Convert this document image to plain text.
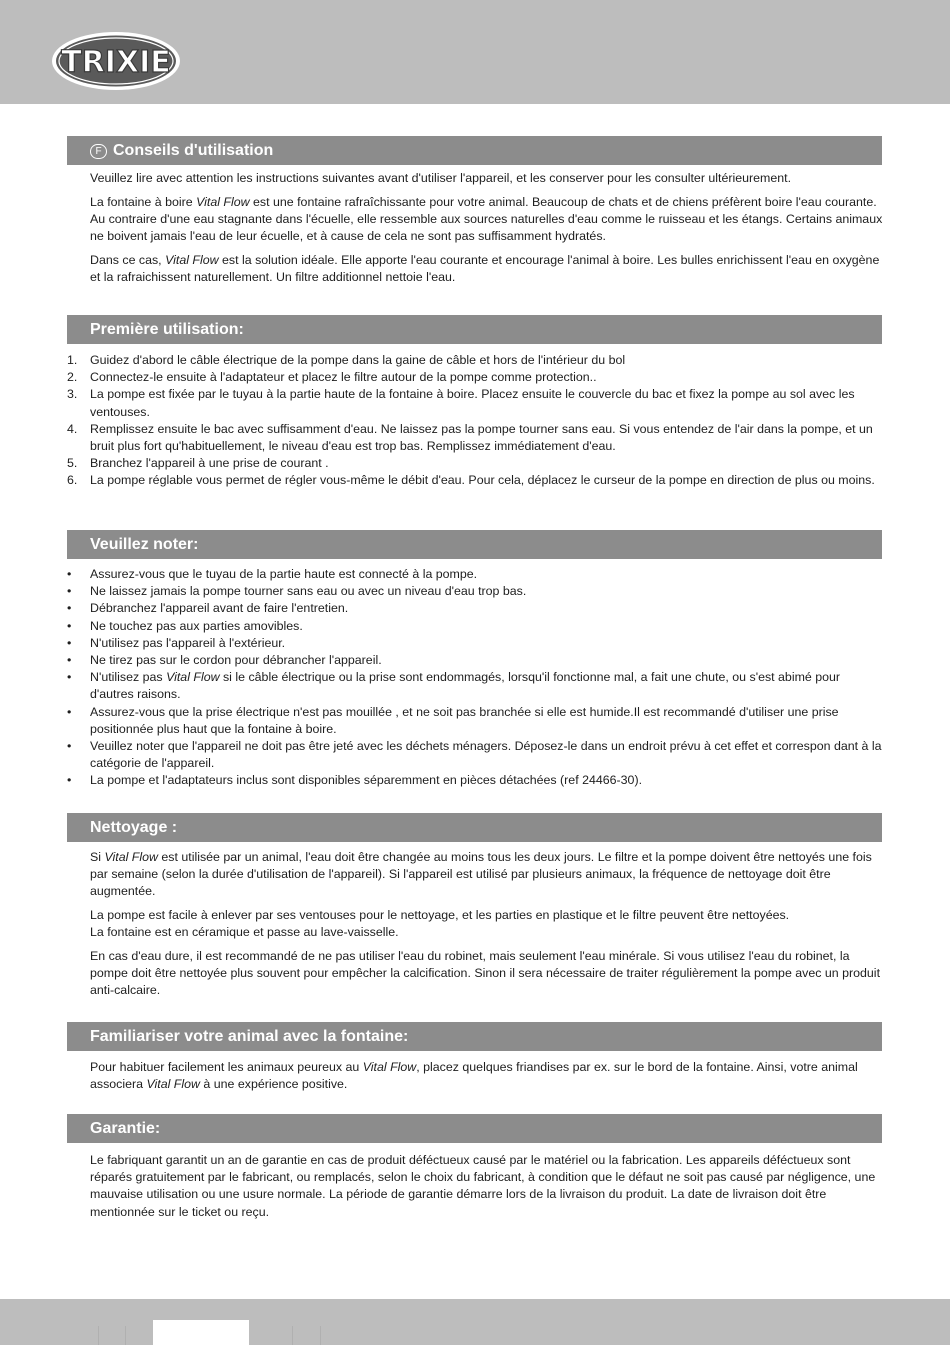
TRIXIE
F Conseils d'utilisation

Veuillez lire avec attention les instructions suivantes avant d'utiliser l'appareil, et les conserver pour les consulter ultérieurement.

La fontaine à boire Vital Flow est une fontaine rafraîchissante pour votre animal. Beaucoup de chats et de chiens préfèrent boire l'eau courante. Au contraire d'une eau stagnante dans l'écuelle, elle ressemble aux sources naturelles d'eau comme le ruisseau et les étangs. Certains animaux ne boivent jamais l'eau de leur écuelle, et à cause de cela ne sont pas suffisamment hydratés.

Dans ce cas, Vital Flow est la solution idéale. Elle apporte l'eau courante et encourage l'animal à boire. Les bulles enrichissent l'eau en oxygène et la rafraichissent naturellement. Un filtre additionnel nettoie l'eau.

Première utilisation:
1. Guidez d'abord le câble électrique de la pompe dans la gaine de câble et hors de l'intérieur du bol
2. Connectez-le ensuite à l'adaptateur et placez le filtre autour de la pompe comme protection..
3. La pompe est fixée par le tuyau à la partie haute de la fontaine à boire. Placez ensuite le couvercle du bac et fixez la pompe au sol avec les ventouses.
4. Remplissez ensuite le bac avec suffisamment d'eau. Ne laissez pas la pompe tourner sans eau. Si vous entendez de l'air dans la pompe, et un bruit plus fort qu'habituellement, le niveau d'eau est trop bas. Remplissez immédiatement d'eau.
5. Branchez l'appareil à une prise de courant .
6. La pompe réglable vous permet de régler vous-même le débit d'eau. Pour cela, déplacez le curseur de la pompe en direction de plus ou moins.
Veuillez noter:
• Assurez-vous que le tuyau de la partie haute est connecté à la pompe.
• Ne laissez jamais la pompe tourner sans eau ou avec un niveau d'eau trop bas.
• Débranchez l'appareil avant de faire l'entretien.
• Ne touchez pas aux parties amovibles.
• N'utilisez pas l'appareil à l'extérieur.
• Ne tirez pas sur le cordon pour débrancher l'appareil.
• N'utilisez pas Vital Flow si le câble électrique ou la prise sont endommagés, lorsqu'il fonctionne mal, a fait une chute, ou s'est abimé pour d'autres raisons.
• Assurez-vous que la prise électrique n'est pas mouillée , et ne soit pas branchée si elle est humide.Il est recommandé d'utiliser une prise positionnée plus haut que la fontaine à boire.
• Veuillez noter que l'appareil ne doit pas être jeté avec les déchets ménagers. Déposez-le dans un endroit prévu à cet effet et correspon dant à la catégorie de l'appareil.
• La pompe et l'adaptateurs inclus sont disponibles séparemment en pièces détachées (ref 24466-30).
Nettoyage :

Si Vital Flow est utilisée par un animal, l'eau doit être changée au moins tous les deux jours. Le filtre et la pompe doivent être nettoyés une fois par semaine (selon la durée d'utilisation de l'appareil). Si l'appareil est utilisé par plusieurs animaux, la fréquence de nettoyage doit être augmentée.

La pompe est facile à enlever par ses ventouses pour le nettoyage, et les parties en plastique et le filtre peuvent être nettoyées.
La fontaine est en céramique et passe au lave-vaisselle.

En cas d'eau dure, il est recommandé de ne pas utiliser l'eau du robinet, mais seulement l'eau minérale. Si vous utilisez l'eau du robinet, la pompe doit être nettoyée plus souvent pour empêcher la calcification. Sinon il sera nécessaire de traiter régulièrement la pompe avec un produit anti-calcaire.

Familiariser votre animal avec la fontaine:

Pour habituer facilement les animaux peureux au Vital Flow, placez quelques friandises par ex. sur le bord de la fontaine. Ainsi, votre animal associera Vital Flow à une expérience positive.

Garantie:

Le fabriquant garantit un an de garantie en cas de produit déféctueux causé par le matériel ou la fabrication. Les appareils déféctueux sont réparés gratuitement par le fabricant, ou remplacés, selon le choix du fabricant, à condition que le défaut ne soit pas causé par négligence, une mauvaise utilisation ou une usure normale. La période de garantie démarre lors de la livraison du produit. La date de livraison doit être mentionnée sur le ticket ou reçu.
